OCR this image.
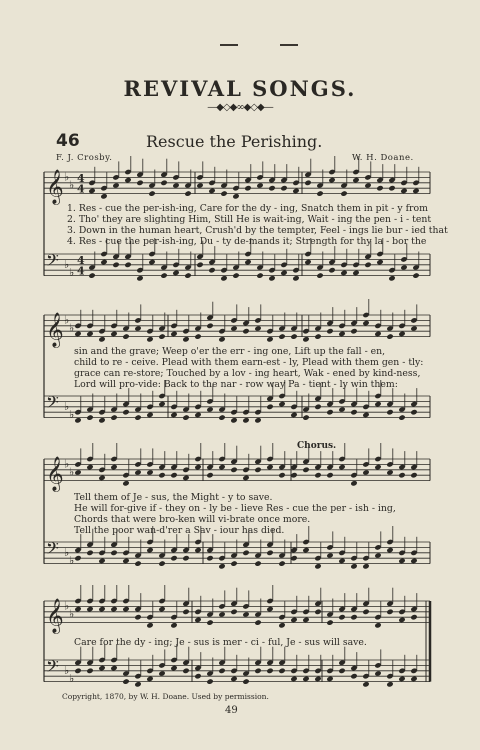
REVIVAL SONGS.
—◆◇◆∞◆◇◆—
46	Rescue the Perishing.
F. J. Crosby.	W. H. Doane.
𝄞 ♭
♭
4
4
𝄢 ♭
♭
4
4
𝄞 ♭
♭
𝄢 ♭
♭
𝄞 ♭
♭
𝄢 ♭
♭
𝄞 ♭
♭
𝄢 ♭
♭
1. Res - cue the per-ish-ing, Care for the dy - ing, Snatch them in pit - y from
2. Tho' they are slighting Him, Still He is wait-ing, Wait - ing the pen - i - tent
3. Down in the human heart, Crush'd by the tempter, Feel - ings lie bur - ied that
4. Res - cue the per-ish-ing, Du - ty de-mands it; Strength for thy la - bor the
sin and the grave; Weep o'er the err - ing one, Lift up the fall - en,
child to re - ceive. Plead with them earn-est - ly, Plead with them gen - tly:
grace can re-store; Touched by a lov - ing heart, Wak - ened by kind-ness,
Lord will pro-vide: Back to the nar - row way Pa - tient - ly win them:
Chorus.
Tell them of Je - sus, the Might - y to save.
He will for-give if - they on - ly be - lieve Res - cue the per - ish - ing,
Chords that were bro-ken will vi-brate once more.
Tell the poor wan-d'rer a Sav - iour has died.
Care for the dy - ing; Je - sus is mer - ci - ful, Je - sus will save.
Copyright, 1870, by W. H. Doane. Used by permission.
49
